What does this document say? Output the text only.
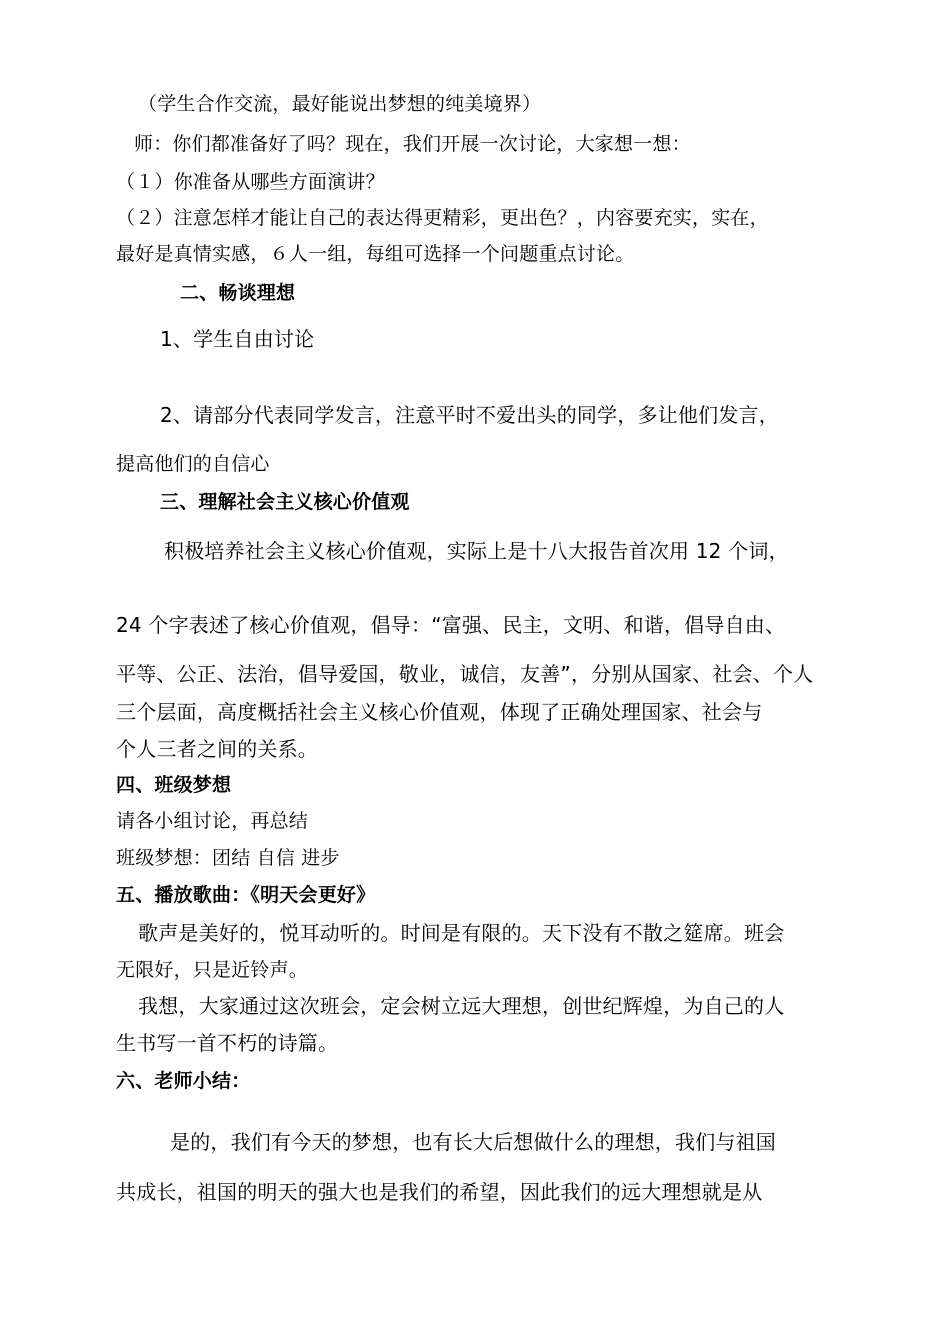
（学生合作交流，最好能说出梦想的纯美境界）
师：你们都准备好了吗？现在，我们开展一次讨论，大家想一想：
（１）你准备从哪些方面演讲？
（２）注意怎样才能让自己的表达得更精彩，更出色？，内容要充实，实在，
最好是真情实感，６人一组，每组可选择一个问题重点讨论。
二、畅谈理想
1、学生自由讨论
2、请部分代表同学发言，注意平时不爱出头的同学，多让他们发言，
提高他们的自信心
三、理解社会主义核心价值观
积极培养社会主义核心价值观，实际上是十八大报告首次用 12 个词，
24 个字表述了核心价值观，倡导：“富强、民主，文明、和谐，倡导自由、
平等、公正、法治，倡导爱国，敬业，诚信，友善”，分别从国家、社会、个人
三个层面，高度概括社会主义核心价值观，体现了正确处理国家、社会与
个人三者之间的关系。
四、班级梦想
请各小组讨论，再总结
班级梦想：团结 自信 进步
五、播放歌曲：《明天会更好》
歌声是美好的，悦耳动听的。时间是有限的。天下没有不散之筵席。班会
无限好，只是近铃声。
我想，大家通过这次班会，定会树立远大理想，创世纪辉煌，为自己的人
生书写一首不朽的诗篇。
六、老师小结：
是的，我们有今天的梦想，也有长大后想做什么的理想，我们与祖国
共成长，祖国的明天的强大也是我们的希望，因此我们的远大理想就是从
